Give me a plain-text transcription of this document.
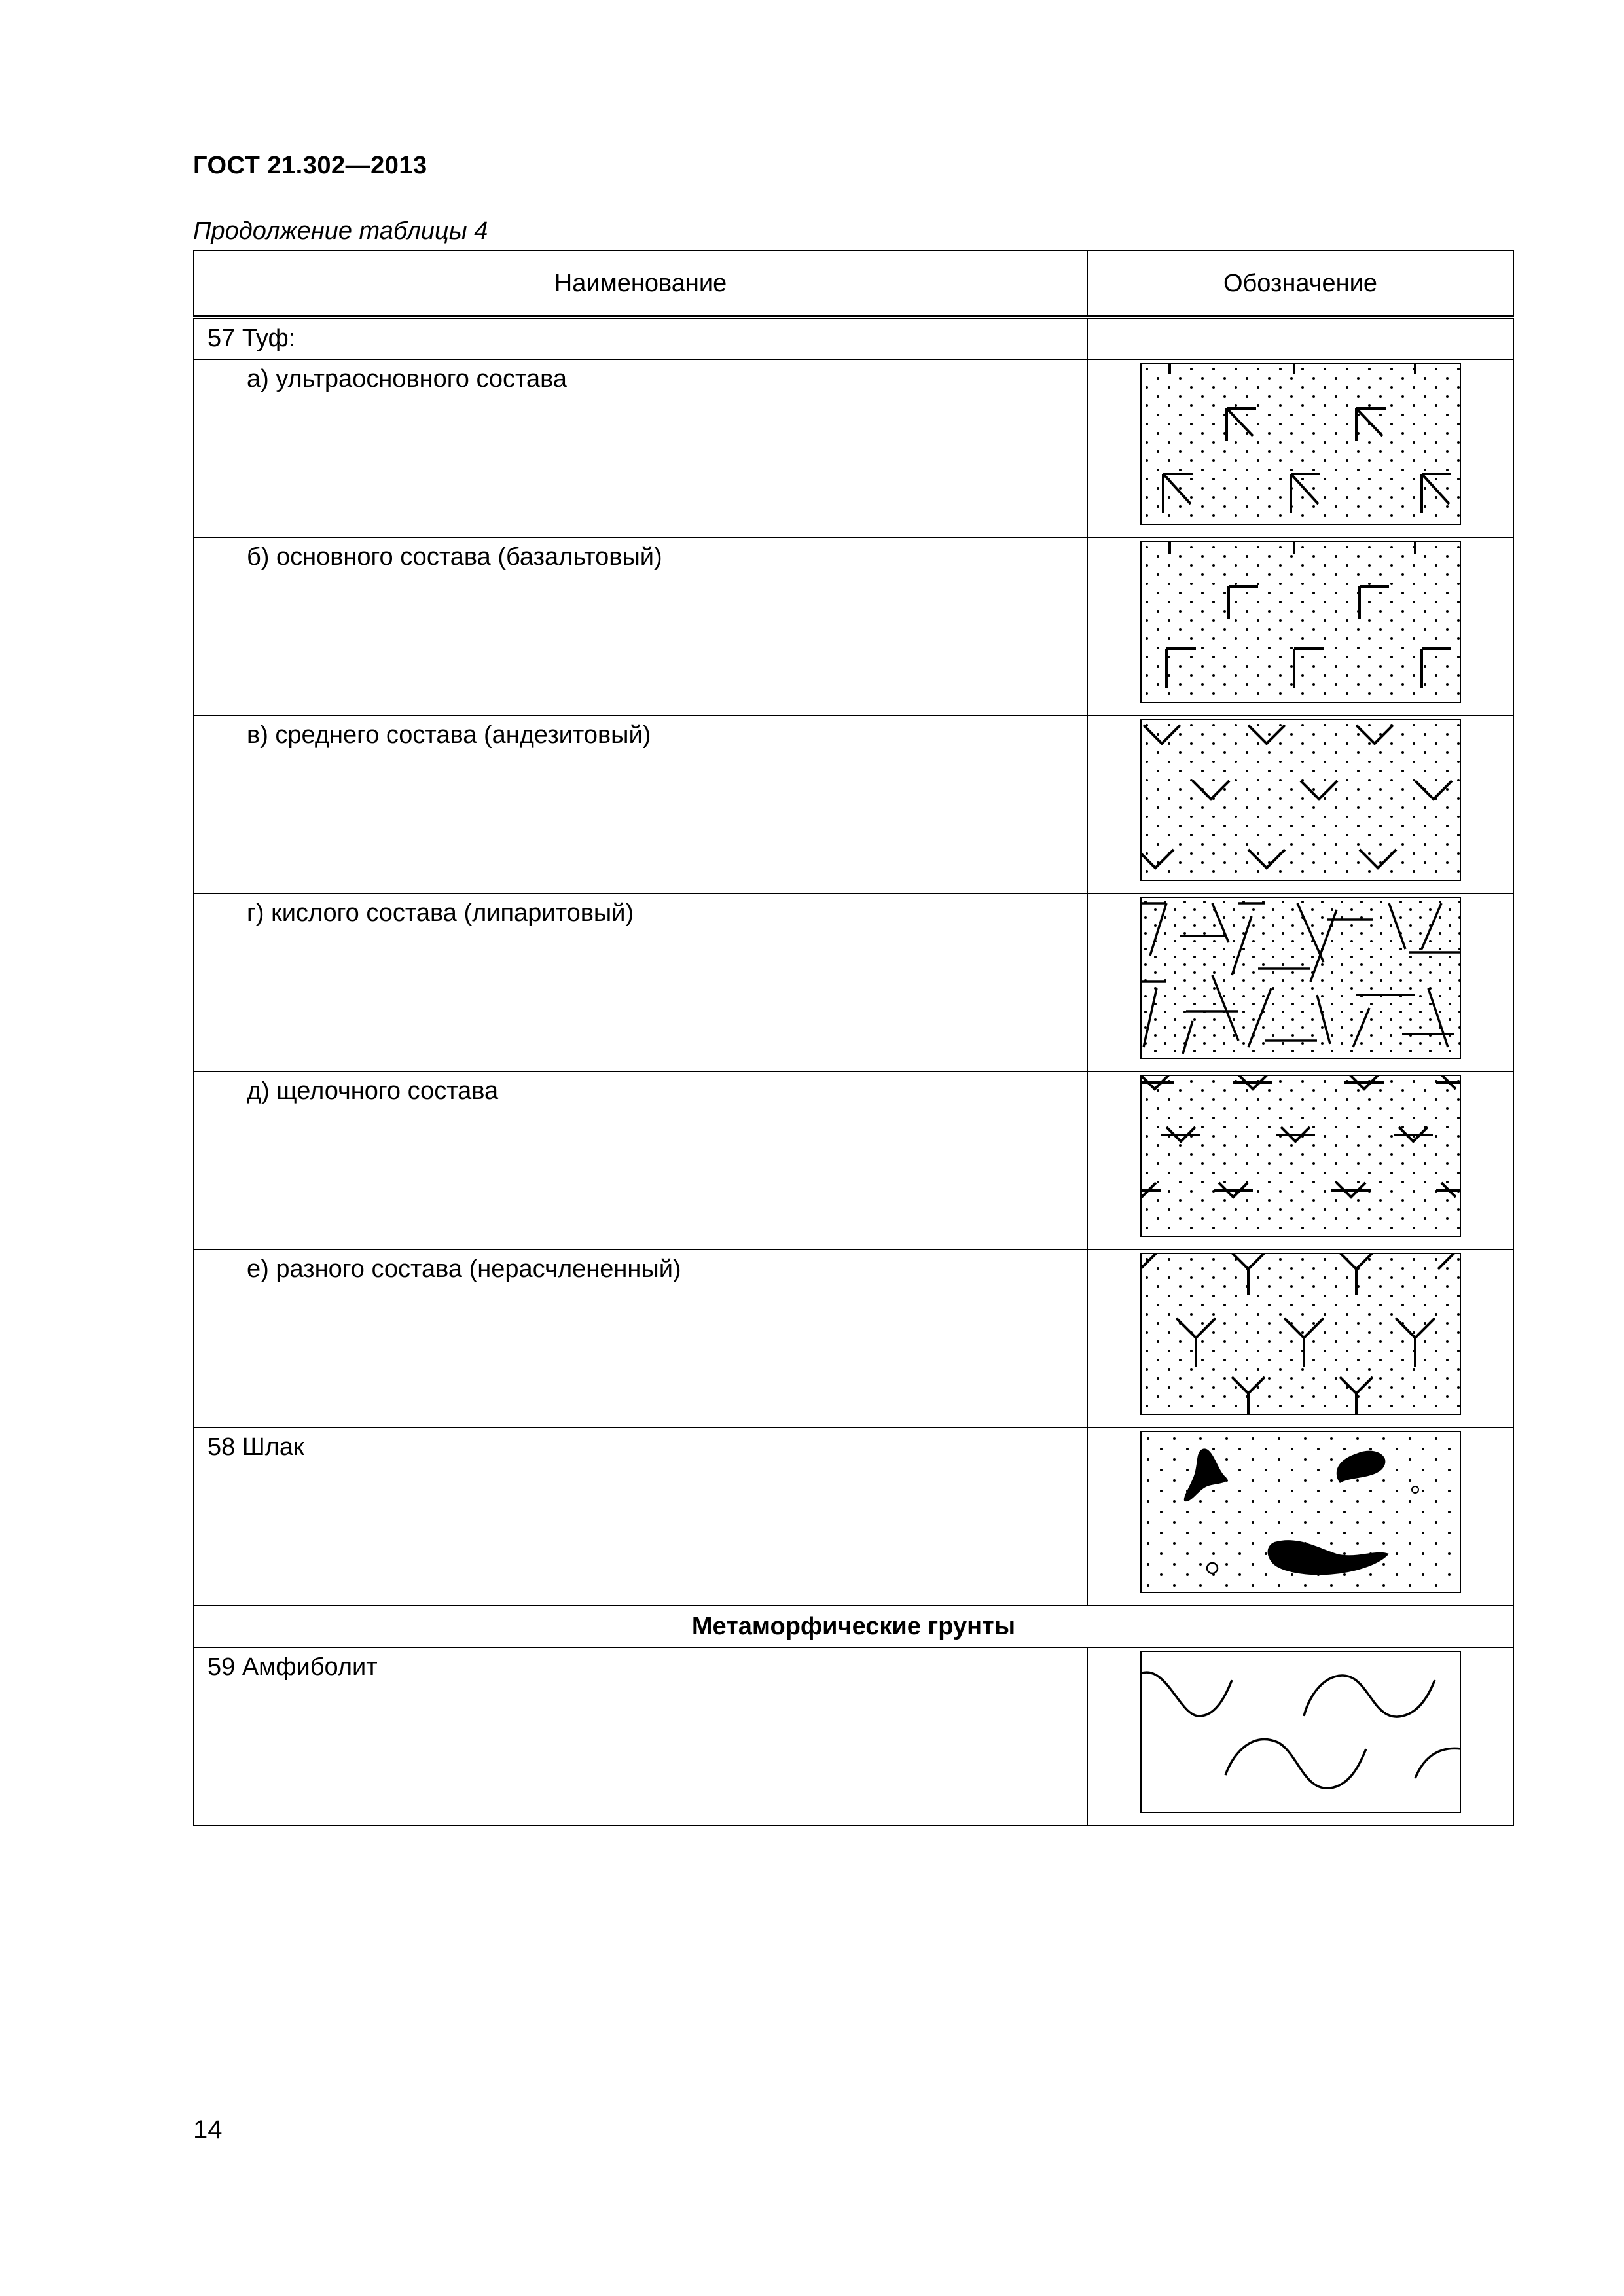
ГОСТ 21.302—2013
Продолжение таблицы 4
Наименование	Обозначение
57 Туф:	
а) ультраосновного состава	

б) основного состава (базальтовый)	

в) среднего состава (андезитовый)	

г) кислого состава (липаритовый)	

д) щелочного состава	

е) разного состава (нерасчлененный)	

58 Шлак	

Метаморфические грунты	
59 Амфиболит	
14
